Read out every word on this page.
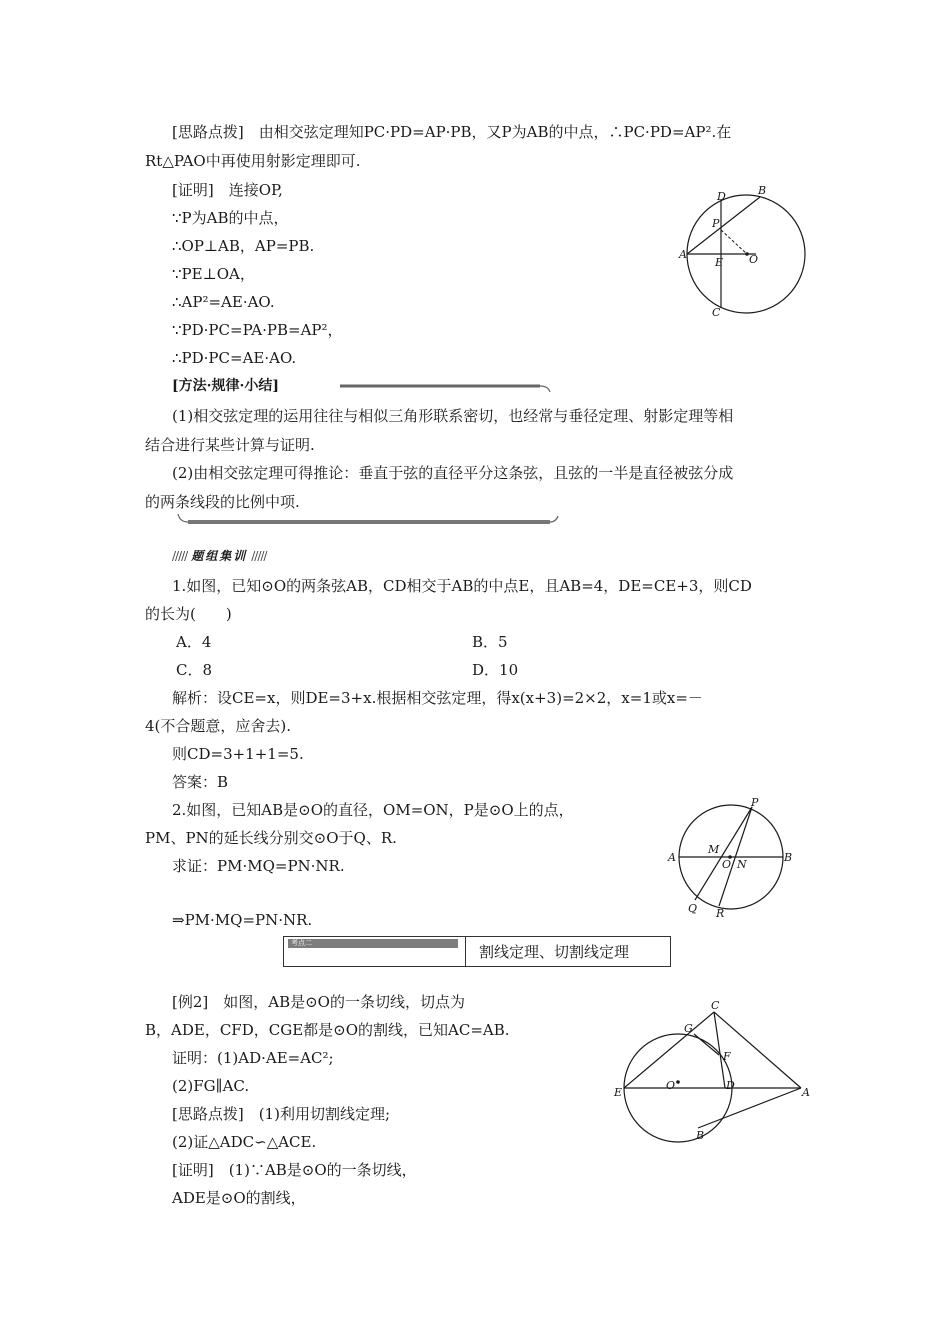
[思路点拨]　由相交弦定理知PC·PD=AP·PB，又P为AB的中点，∴PC·PD=AP².在
Rt△PAO中再使用射影定理即可.
[证明]　连接OP,
∵P为AB的中点，
∴OP⊥AB，AP=PB.
∵PE⊥OA，
∴AP²=AE·AO.
∵PD·PC=PA·PB=AP²，
∴PD·PC=AE·AO.
D	B
P
A
E O
C
[方法·规律·小结]
(1)相交弦定理的运用往往与相似三角形联系密切，也经常与垂径定理、射影定理等相
结合进行某些计算与证明.
(2)由相交弦定理可得推论：垂直于弦的直径平分这条弦，且弦的一半是直径被弦分成
的两条线段的比例中项.
///// 题组集训 /////
1.如图，已知⊙O的两条弦AB，CD相交于AB的中点E，且AB=4，DE=CE+3，则CD
的长为(　　)
A．4	B．5
C．8	D．10
解析：设CE=x，则DE=3+x.根据相交弦定理，得x(x+3)=2×2，x=1或x=－
4(不合题意，应舍去).
则CD=3+1+1=5.
答案：B
2.如图，已知AB是⊙O的直径，OM=ON，P是⊙O上的点，
PM、PN的延长线分别交⊙O于Q、R.
求证：PM·MQ=PN·NR.
⇒PM·MQ=PN·NR.
P
M
A
O N
B
Q R
考点二	割线定理、切割线定理
[例2]　如图，AB是⊙O的一条切线，切点为
B，ADE，CFD，CGE都是⊙O的割线，已知AC=AB.
证明：(1)AD·AE=AC²;
(2)FG∥AC.
[思路点拨]　(1)利用切割线定理;
(2)证△ADC∽△ACE.
[证明]　(1)∵AB是⊙O的一条切线，
ADE是⊙O的割线，
C
G
F
E
O	D
A
B
